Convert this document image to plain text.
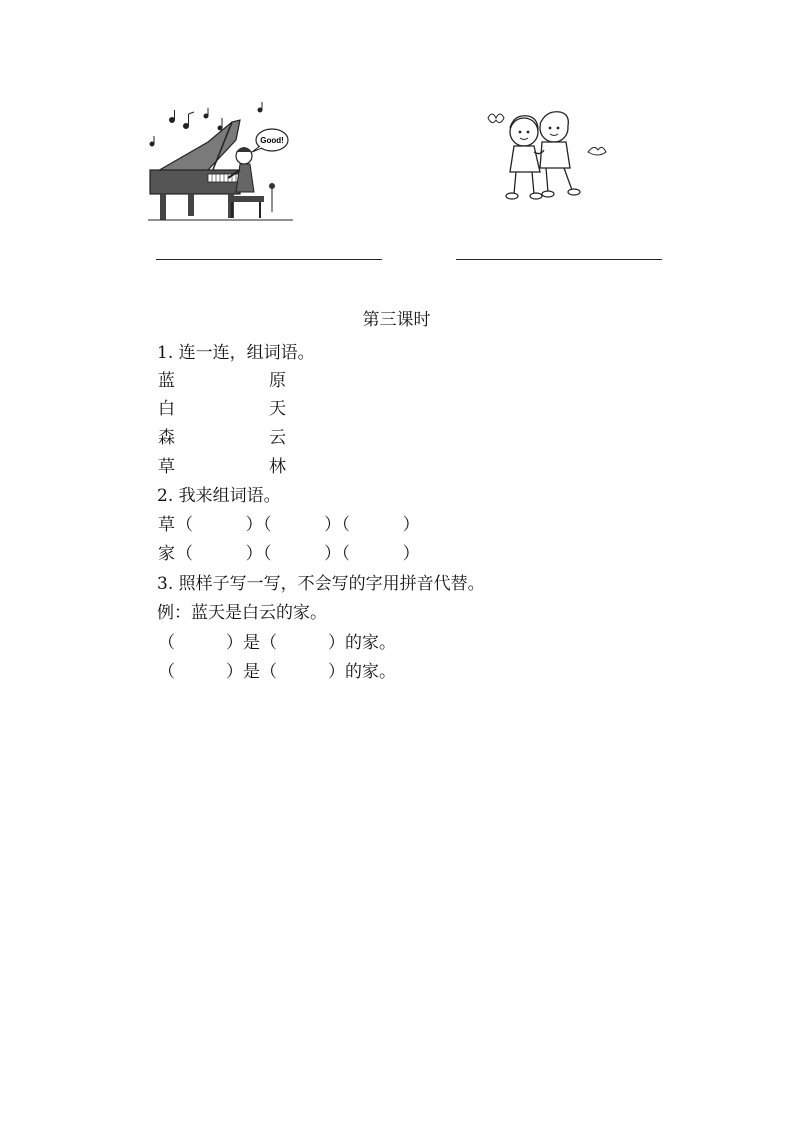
Good!
第三课时
1. 连一连，组词语。
蓝	原
白	天
森	云
草	林
2. 我来组词语。
草 （　　　）（　　　）（　　　）
家 （　　　）（　　　）（　　　）
3. 照样子写一写，不会写的字用拼音代替。
例：蓝天是白云的家。
（　　　）是（　　　）的家。
（　　　）是（　　　）的家。
